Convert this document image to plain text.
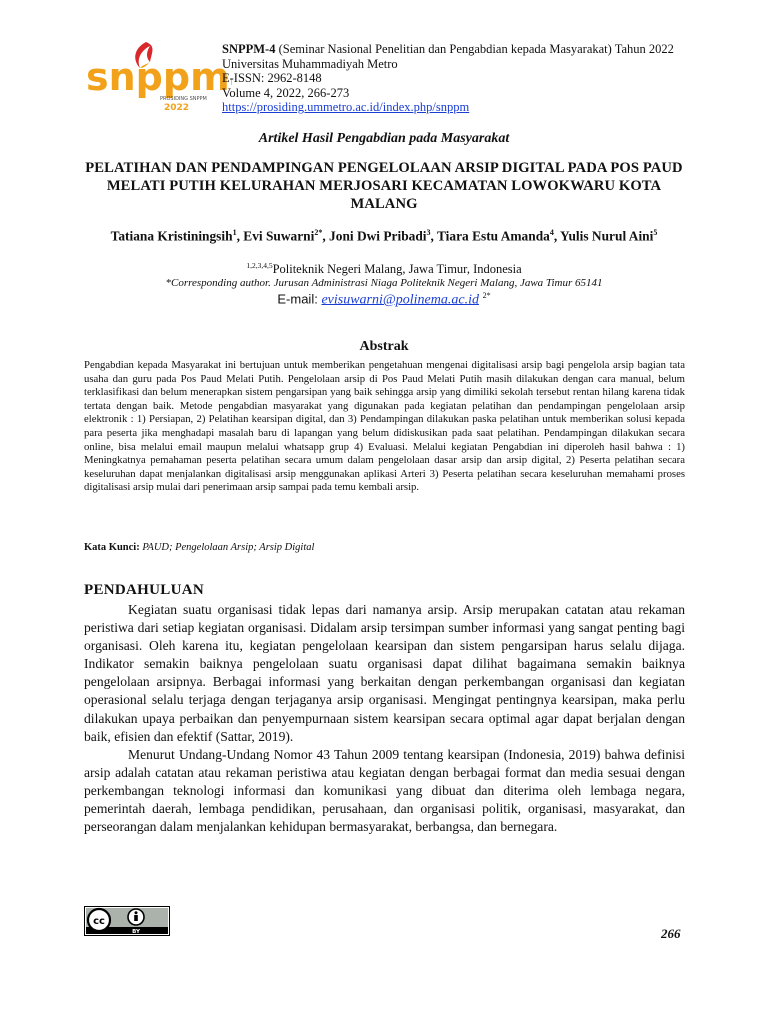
snppm
PROSIDING SNPPM
2022
SNPPM-4 (Seminar Nasional Penelitian dan Pengabdian kepada Masyarakat) Tahun 2022
Universitas Muhammadiyah Metro
E-ISSN: 2962-8148
Volume 4, 2022, 266-273
https://prosiding.ummetro.ac.id/index.php/snppm
Artikel Hasil Pengabdian pada Masyarakat
PELATIHAN DAN PENDAMPINGAN PENGELOLAAN ARSIP DIGITAL PADA POS PAUD MELATI PUTIH KELURAHAN MERJOSARI KECAMATAN LOWOKWARU KOTA MALANG
Tatiana Kristiningsih$^1$, Evi Suwarni$^{2*}$, Joni Dwi Pribadi$^3$, Tiara Estu Amanda$^4$, Yulis Nurul Aini$^5$
$^{1,2,3,4,5}$Politeknik Negeri Malang, Jawa Timur, Indonesia
*Corresponding author. Jurusan Administrasi Niaga Politeknik Negeri Malang, Jawa Timur 65141
E-mail: evisuwarni@polinema.ac.id $^{2*}$
Abstrak

Pengabdian kepada Masyarakat ini bertujuan untuk memberikan pengetahuan mengenai digitalisasi arsip bagi pengelola arsip bagian tata usaha dan guru pada Pos Paud Melati Putih. Pengelolaan arsip di Pos Paud Melati Putih masih dilakukan dengan cara manual, belum terklasifikasi dan belum menerapkan sistem pengarsipan yang baik sehingga arsip yang dimiliki sekolah tersebut rentan hilang karena tidak tertata dengan baik. Metode pengabdian masyarakat yang digunakan pada kegiatan pelatihan dan pendampingan pengelolaan arsip elektronik : 1) Persiapan, 2) Pelatihan kearsipan digital, dan 3) Pendampingan dilakukan paska pelatihan untuk memberikan solusi kepada para peserta jika menghadapi masalah baru di lapangan yang belum didiskusikan pada saat pelatihan. Pendampingan dilakukan secara online, bisa melalui email maupun melalui whatsapp grup 4) Evaluasi. Melalui kegiatan Pengabdian ini diperoleh hasil bahwa : 1) Meningkatnya pemahaman peserta pelatihan secara umum dalam pengelolaan dasar arsip dan arsip digital, 2) Peserta pelatihan secara keseluruhan dapat menjalankan digitalisasi arsip menggunakan aplikasi Arteri 3) Peserta pelatihan secara keseluruhan memahami proses digitalisasi arsip mulai dari penerimaan arsip sampai pada temu kembali arsip.

Kata Kunci: PAUD; Pengelolaan Arsip; Arsip Digital
PENDAHULUAN

Kegiatan suatu organisasi tidak lepas dari namanya arsip. Arsip merupakan catatan atau rekaman peristiwa dari setiap kegiatan organisasi. Didalam arsip tersimpan sumber informasi yang sangat penting bagi organisasi. Oleh karena itu, kegiatan pengelolaan kearsipan dan sistem pengarsipan harus selalu dijaga. Indikator semakin baiknya pengelolaan suatu organisasi dapat dilihat bagaimana semakin baiknya pengelolaan arsipnya. Berbagai informasi yang berkaitan dengan perkembangan organisasi dan kegiatan operasional selalu terjaga dengan terjaganya arsip organisasi. Mengingat pentingnya kearsipan, maka perlu dilakukan upaya perbaikan dan penyempurnaan sistem kearsipan secara optimal agar dapat berjalan dengan baik, efisien dan efektif (Sattar, 2019).

Menurut Undang-Undang Nomor 43 Tahun 2009 tentang kearsipan (Indonesia, 2019) bahwa definisi arsip adalah catatan atau rekaman peristiwa atau kegiatan dengan berbagai format dan media sesuai dengan perkembangan teknologi informasi dan komunikasi yang dibuat dan diterima oleh lembaga negara, pemerintah daerah, lembaga pendidikan, perusahaan, dan organisasi politik, organisasi, masyarakat, dan perseorangan dalam menjalankan kehidupan bermasyarakat, berbangsa, dan bernegara.

cc
BY	266
